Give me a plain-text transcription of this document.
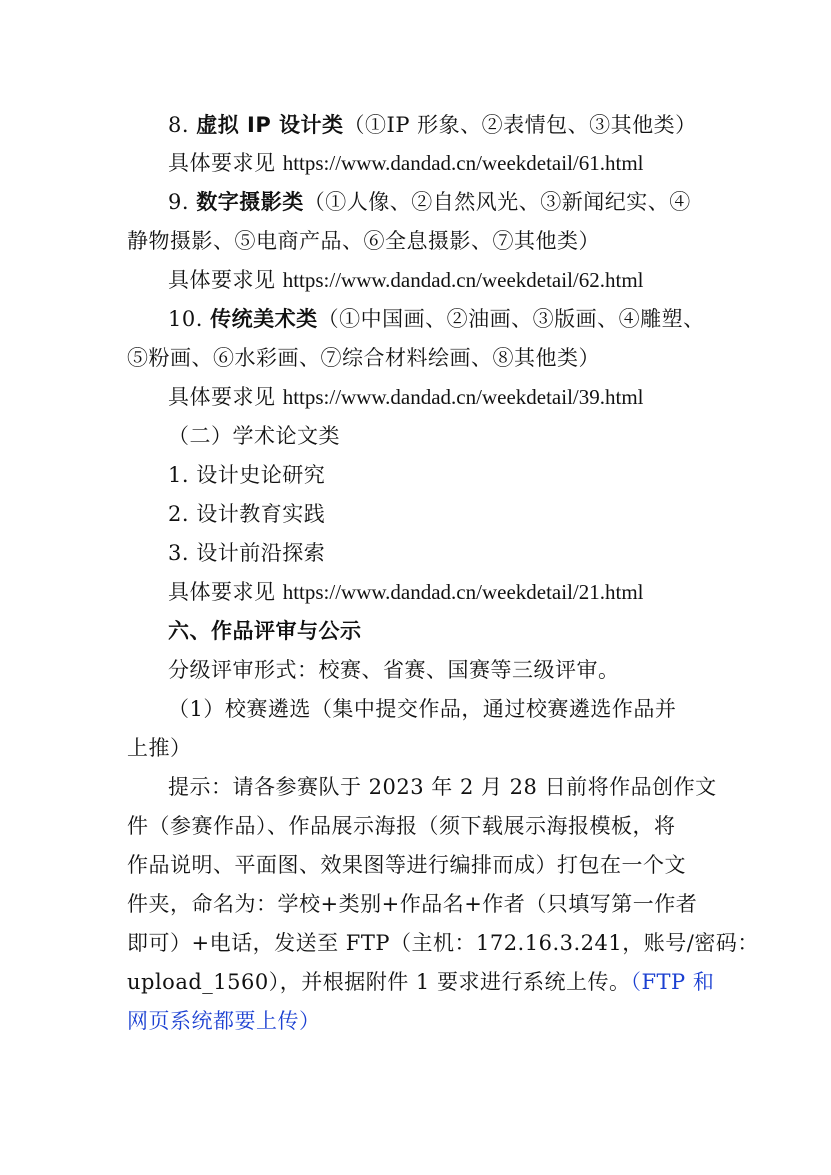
8. 虚拟 IP 设计类（①IP 形象、②表情包、③其他类）
具体要求见 https://www.dandad.cn/weekdetail/61.html
9. 数字摄影类（①人像、②自然风光、③新闻纪实、④
静物摄影、⑤电商产品、⑥全息摄影、⑦其他类）
具体要求见 https://www.dandad.cn/weekdetail/62.html
10. 传统美术类（①中国画、②油画、③版画、④雕塑、
⑤粉画、⑥水彩画、⑦综合材料绘画、⑧其他类）
具体要求见 https://www.dandad.cn/weekdetail/39.html
（二）学术论文类
1. 设计史论研究
2. 设计教育实践
3. 设计前沿探索
具体要求见 https://www.dandad.cn/weekdetail/21.html
六、作品评审与公示
分级评审形式：校赛、省赛、国赛等三级评审。
（1）校赛遴选（集中提交作品，通过校赛遴选作品并
上推）
提示：请各参赛队于 2023 年 2 月 28 日前将作品创作文
件（参赛作品）、作品展示海报（须下载展示海报模板，将
作品说明、平面图、效果图等进行编排而成）打包在一个文
件夹，命名为：学校+类别+作品名+作者（只填写第一作者
即可）+电话，发送至 FTP（主机：172.16.3.241，账号/密码：
upload_1560），并根据附件 1 要求进行系统上传。（FTP 和
网页系统都要上传）
